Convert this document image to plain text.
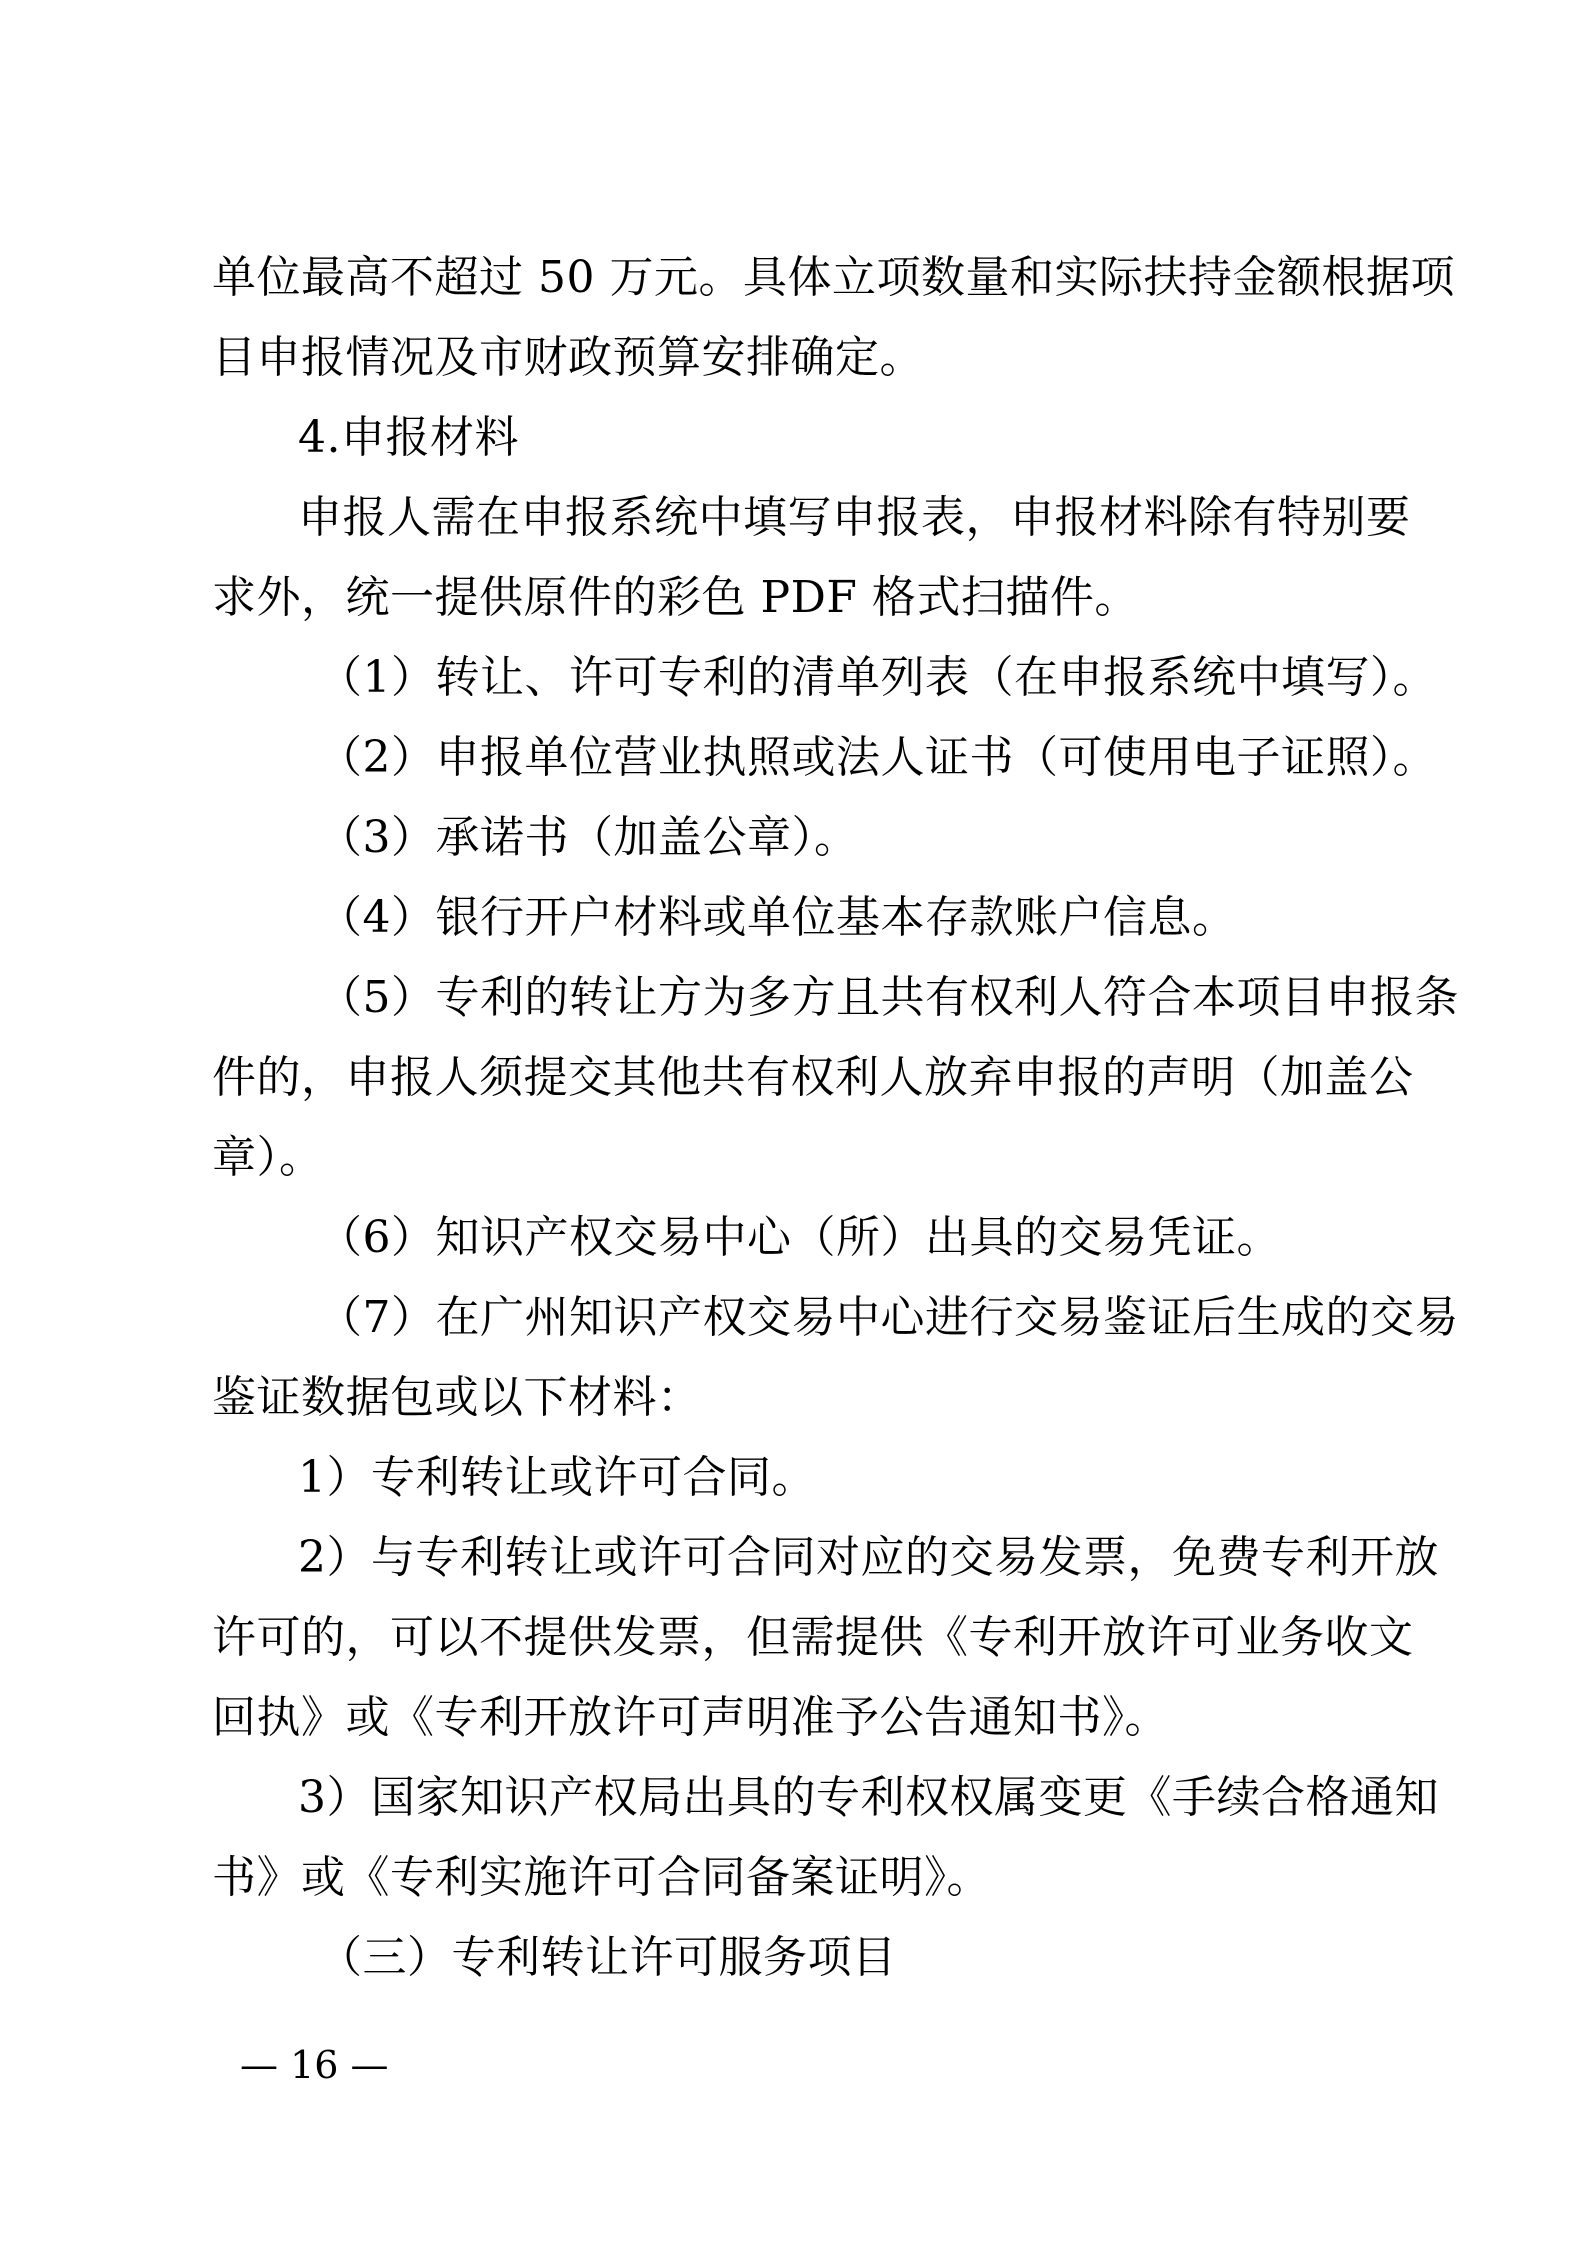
单位最高不超过 50 万元。具体立项数量和实际扶持金额根据项

目申报情况及市财政预算安排确定。

4.申报材料

申报人需在申报系统中填写申报表，申报材料除有特别要

求外，统一提供原件的彩色 PDF 格式扫描件。

（1）转让、许可专利的清单列表（在申报系统中填写）。

（2）申报单位营业执照或法人证书（可使用电子证照）。

（3）承诺书（加盖公章）。

（4）银行开户材料或单位基本存款账户信息。

（5）专利的转让方为多方且共有权利人符合本项目申报条

件的，申报人须提交其他共有权利人放弃申报的声明（加盖公

章）。

（6）知识产权交易中心（所）出具的交易凭证。

（7）在广州知识产权交易中心进行交易鉴证后生成的交易

鉴证数据包或以下材料：

1）专利转让或许可合同。

2）与专利转让或许可合同对应的交易发票，免费专利开放

许可的，可以不提供发票，但需提供《专利开放许可业务收文

回执》或《专利开放许可声明准予公告通知书》。

3）国家知识产权局出具的专利权权属变更《手续合格通知

书》或《专利实施许可合同备案证明》。

（三）专利转让许可服务项目

— 16 —
